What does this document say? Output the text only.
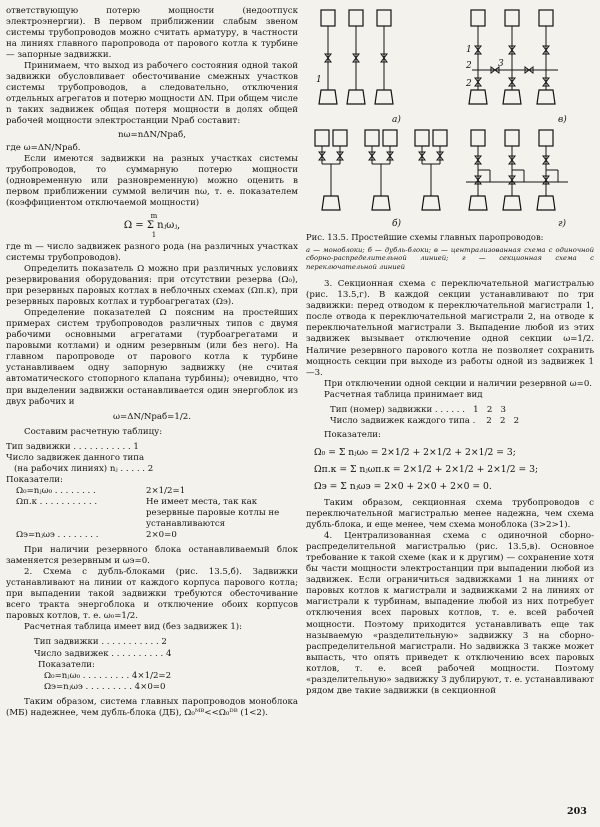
ответствующую потерю мощности (недоотпуск электроэнергии). В первом приближении слабым звеном системы трубопроводов можно считать арматуру, в частности на линиях главного паропровода от парового котла к турбине — запорные задвижки.

Принимаем, что выход из рабочего состояния одной такой задвижки обусловливает обесточивание смежных участков системы трубопроводов, а следовательно, отключения отдельных агрегатов и потерю мощности ΔN. При общем числе n таких задвижек общая потеря мощности в долях общей рабочей мощности электростанции Nраб составит:

nω=nΔN/Nраб,

где ω=ΔN/Nраб.

Если имеются задвижки на разных участках системы трубопроводов, то суммарную потерю мощности (одновременную или разновременную) можно оценить в первом приближении суммой величин nω, т. е. показателем (коэффициентом отключаемой мощности)

m
Ω = Σ nⱼωⱼ,
1

где m — число задвижек разного рода (на различных участках системы трубопроводов).

Определить показатель Ω можно при различных условиях резервирования оборудования: при отсутствии резерва (Ω₀), при резервных паровых котлах в неблочных схемах (Ωп.к), при резервных паровых котлах и турбоагрегатах (Ωэ).

Определение показателей Ω поясним на простейших примерах систем трубопроводов различных типов с двумя рабочими основными агрегатами (турбоагрегатами и паровыми котлами) и одним резервным (или без него). На главном паропроводе от парового котла к турбине устанавливаем одну запорную задвижку (не считая автоматического стопорного клапана турбины); очевидно, что при выделении задвижки останавливается один энергоблок из двух рабочих и

ω=ΔN/Nраб=1/2.

Составим расчетную таблицу:

Тип задвижки . . . . . . . . . . . 1
Число задвижек данного типа
(на рабочих линиях) nⱼ . . . . . 2
Показатели:
Ω₀=nⱼω₀ . . . . . . . .	2×1/2=1
Ωп.к . . . . . . . . . . .	Не имеет места, так как резервные паровые котлы не устанавливаются
Ωэ=nⱼωэ . . . . . . . .	2×0=0

При наличии резервного блока останавливаемый блок заменяется резервным и ωэ=0.

2. Схема с дубль-блоками (рис. 13.5,б). Задвижки устанавливают на линии от каждого корпуса парового котла; при выпадении такой задвижки требуются обесточивание всего тракта энергоблока и отключение обоих корпусов паровых котлов, т. е. ω₀=1/2.

Расчетная таблица имеет вид (без задвижек 1):

Тип задвижки . . . . . . . . . . . 2
Число задвижек . . . . . . . . . . 4
Показатели:
Ω₀=nⱼω₀ . . . . . . . . . 4×1/2=2
Ωэ=nⱼωэ . . . . . . . . . 4×0=0

Таким образом, система главных паропроводов моноблока (МБ) надежнее, чем дубль-блока (ДБ), Ω₀ᴹᴮ<<Ω₀ᴰᴮ (1<2).

а)
б)
в)
г)
1
2	3
1
2
Рис. 13.5. Простейшие схемы главных паропроводов:

а — моноблоки; б — дубль-блоки; в — централизованная схема с одиночной сборно-распределительной линией; г — секционная схема с переключательной линией

3. Секционная схема с переключательной магистралью (рис. 13.5,г). В каждой секции устанавливают по три задвижки: перед отводом к переключательной магистрали 1, после отвода к переключательной магистрали 2, на отводе к переключательной магистрали 3. Выпадение любой из этих задвижек вызывает отключение одной секции ω=1/2. Наличие резервного парового котла не позволяет сохранить мощность секции при выходе из работы одной из задвижек 1—3.

При отключении одной секции и наличии резервной ω=0.

Расчетная таблица принимает вид

Тип (номер) задвижки . . . . . .   1   2   3
Число задвижек каждого типа .    2   2   2

Показатели:

Ω₀ = Σ nⱼω₀ = 2×1/2 + 2×1/2 + 2×1/2 = 3;

Ωп.к = Σ nⱼωп.к = 2×1/2 + 2×1/2 + 2×1/2 = 3;

Ωэ = Σ nⱼωэ = 2×0 + 2×0 + 2×0 = 0.

Таким образом, секционная схема трубопроводов с переключательной магистралью менее надежна, чем схема дубль-блока, и еще менее, чем схема моноблока (3>2>1).

4. Централизованная схема с одиночной сборно-распределительной магистралью (рис. 13.5,в). Основное требование к такой схеме (как и к другим) — сохранение хотя бы части мощности электростанции при выпадении любой из задвижек. Если ограничиться задвижками 1 на линиях от паровых котлов к магистрали и задвижками 2 на линиях от магистрали к турбинам, выпадение любой из них потребует отключения всех паровых котлов, т. е. всей рабочей мощности. Поэтому приходится устанавливать еще так называемую «разделительную» задвижку 3 на сборно-распределительной магистрали. Но задвижка 3 также может выпасть, что опять приведет к отключению всех паровых котлов, т. е. всей рабочей мощности. Поэтому «разделительную» задвижку 3 дублируют, т. е. устанавливают рядом две такие задвижки (в секционной

203
